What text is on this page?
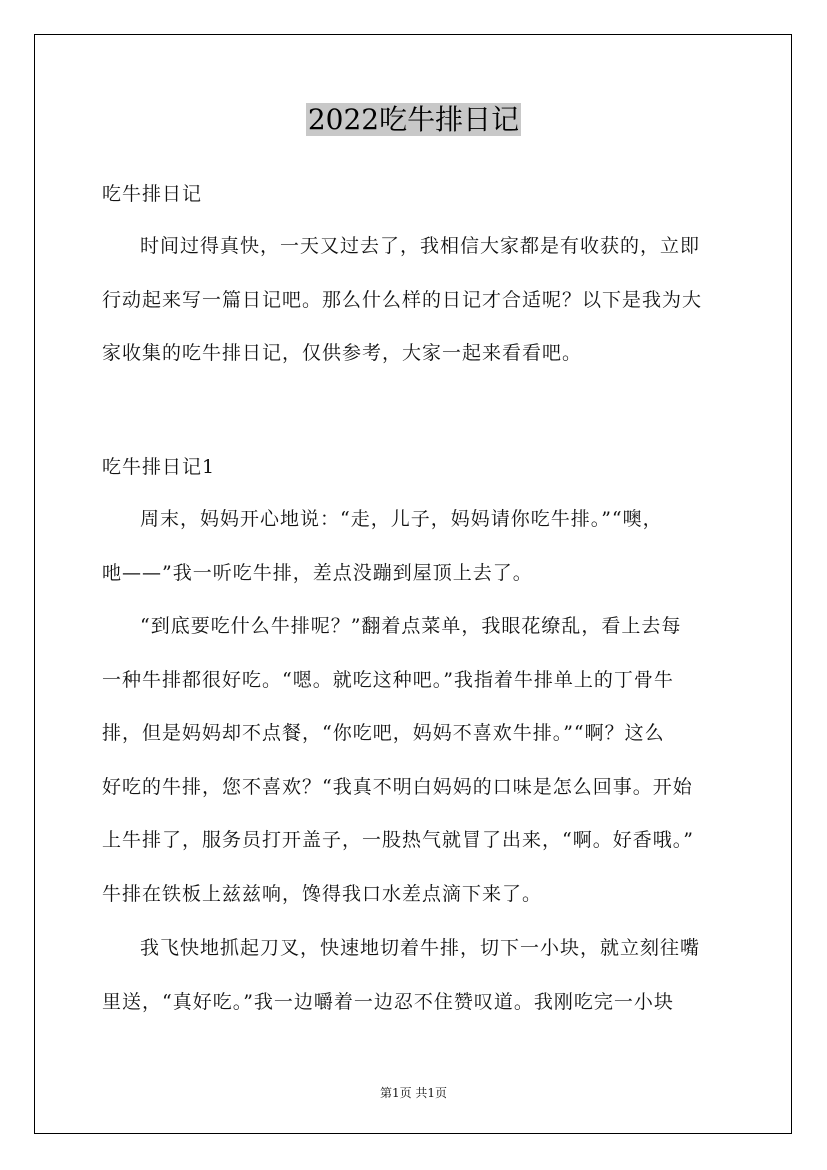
2022吃牛排日记
吃牛排日记
时间过得真快，一天又过去了，我相信大家都是有收获的，立即
行动起来写一篇日记吧。那么什么样的日记才合适呢？以下是我为大
家收集的吃牛排日记，仅供参考，大家一起来看看吧。
吃牛排日记1
周末，妈妈开心地说：“走，儿子，妈妈请你吃牛排。”“噢，
吔——”我一听吃牛排，差点没蹦到屋顶上去了。
“到底要吃什么牛排呢？”翻着点菜单，我眼花缭乱，看上去每
一种牛排都很好吃。“嗯。就吃这种吧。”我指着牛排单上的丁骨牛
排，但是妈妈却不点餐，“你吃吧，妈妈不喜欢牛排。”“啊？这么
好吃的牛排，您不喜欢？“我真不明白妈妈的口味是怎么回事。开始
上牛排了，服务员打开盖子，一股热气就冒了出来，“啊。好香哦。”
牛排在铁板上兹兹响，馋得我口水差点滴下来了。
我飞快地抓起刀叉，快速地切着牛排，切下一小块，就立刻往嘴
里送，“真好吃。”我一边嚼着一边忍不住赞叹道。我刚吃完一小块
第1页 共1页
